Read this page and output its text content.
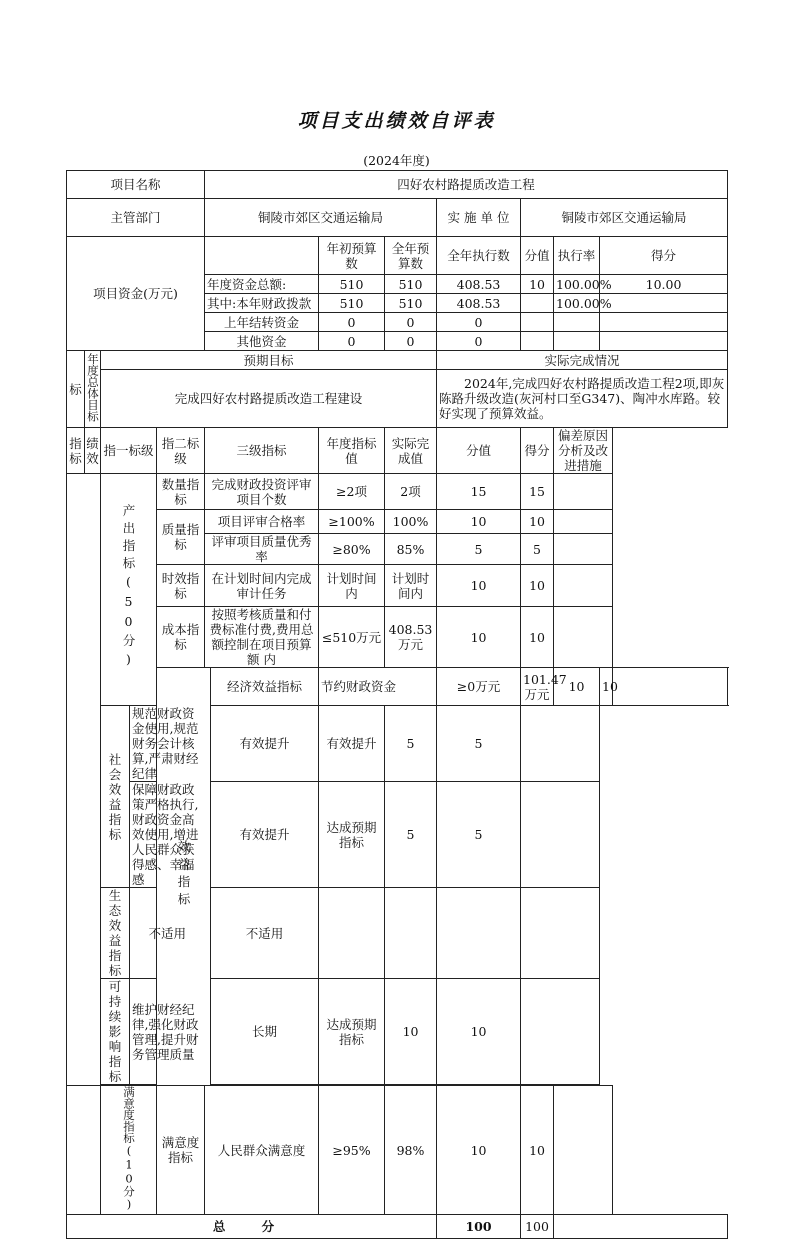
项目支出绩效自评表
(2024年度)
项目名称					四好农村路提质改造工程								
主管部门					铜陵市郊区交通运输局				实 施 单 位	铜陵市郊区交通运输局			
项目资金(万元)							年初预算数	全年预算数	全年执行数	分值	执行率	得分	
					年度资金总额:		510	510	408.53	10	100.00%	10.00	
					其中:本年财政拨款		510	510	408.53		100.00%		
					上年结转资金		0	0	0				
					其他资金		0	0	0				
标	年度总体目标	预期目标							实际完成情况				
		完成四好农村路提质改造工程建设							2024年,完成四好农村路提质改造工程2项,即灰陈路升级改造(灰河村口至G347)、陶冲水库路。较好实现了预算效益。				
指标	绩效	指一标级		指二标级	三级指标		年度指标值	实际完成值	分值	得分	偏差原因分析及改进措施		
		产出指标(50分)		数量指标	完成财政投资评审项目个数		≥2项	2项	15	15			
				质量指标	项目评审合格率		≥100%	100%	10	10			
					评审项目质量优秀率		≥80%	85%	5	5			
				时效指标	在计划时间内完成审计任务		计划时间内	计划时间内	10	10			
				成本指标	按照考核质量和付费标准付费,费用总额控制在项目预算 额 内		≤510万元	408.53万元	10	10			
				效益指标		经济效益指标	节约财政资金		≥0万元	101.47万元	10	10	
		社会效益指标	规范财政资金使用,规范财务会计核算,严肃财经纪律			有效提升	有效提升	5	5				
			保障财政政策严格执行,财政资金高效使用,增进人民群众获得感、幸福感			有效提升	达成预期指标	5	5				
		生态效益指标	不适用			不适用							
		可持续影响指标	维护财经纪律,强化财政管理,提升财务管理质量			长期	达成预期指标	10	10				

		满意度指标(10分)		满意度指标	人民群众满意度		≥95%	98%	10	10			
总 分									100	100			
